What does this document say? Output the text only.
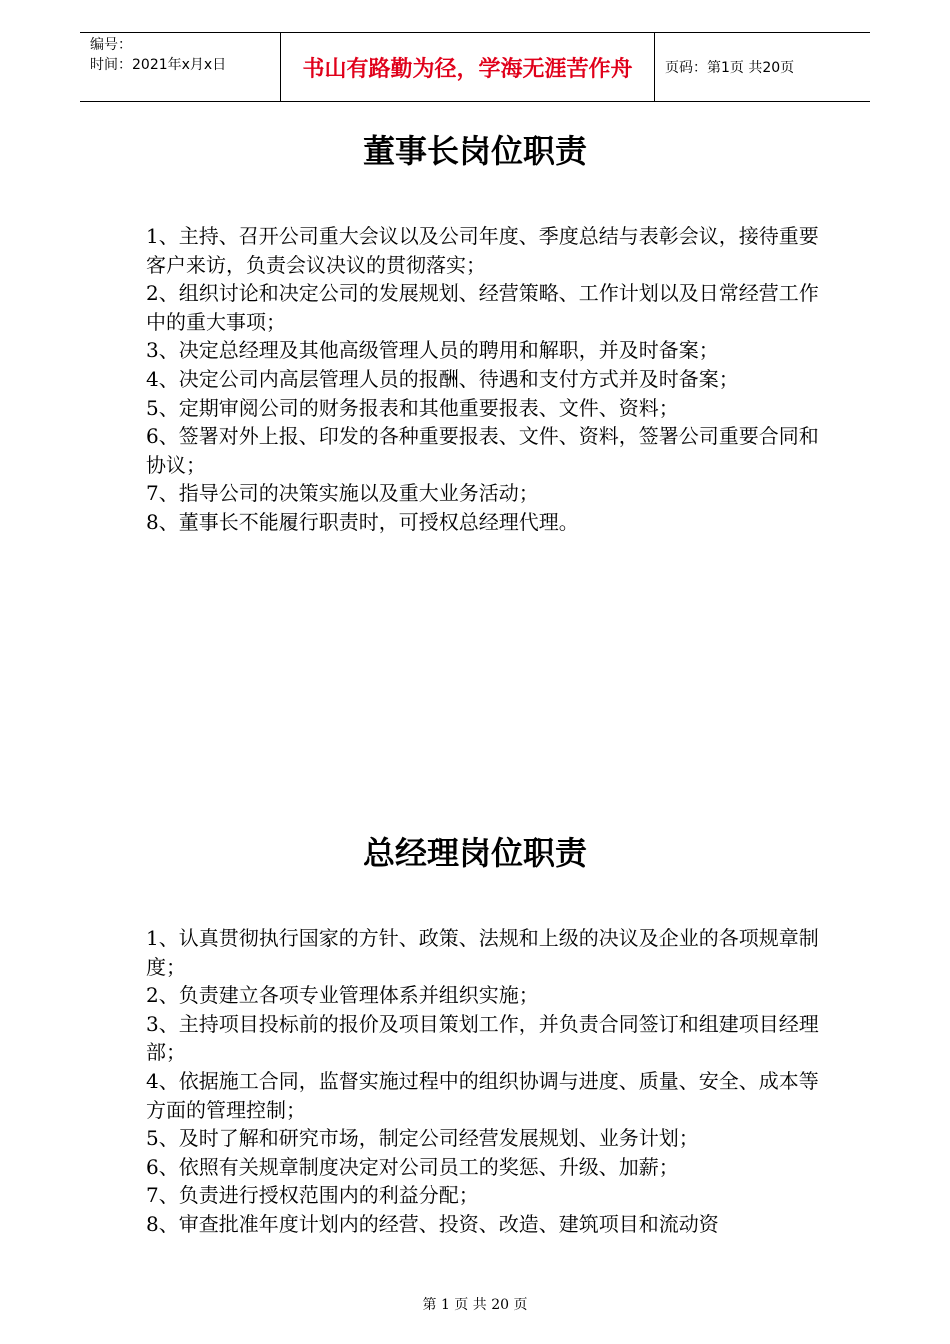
编号：
时间：2021年x月x日	书山有路勤为径，学海无涯苦作舟	页码：第1页 共20页
董事长岗位职责

1、主持、召开公司重大会议以及公司年度、季度总结与表彰会议，接待重要客户来访，负责会议决议的贯彻落实；

2、组织讨论和决定公司的发展规划、经营策略、工作计划以及日常经营工作中的重大事项；

3、决定总经理及其他高级管理人员的聘用和解职，并及时备案；

4、决定公司内高层管理人员的报酬、待遇和支付方式并及时备案；

5、定期审阅公司的财务报表和其他重要报表、文件、资料；

6、签署对外上报、印发的各种重要报表、文件、资料，签署公司重要合同和协议；

7、指导公司的决策实施以及重大业务活动；

8、董事长不能履行职责时，可授权总经理代理。

总经理岗位职责

1、认真贯彻执行国家的方针、政策、法规和上级的决议及企业的各项规章制度；

2、负责建立各项专业管理体系并组织实施；

3、主持项目投标前的报价及项目策划工作，并负责合同签订和组建项目经理部；

4、依据施工合同，监督实施过程中的组织协调与进度、质量、安全、成本等方面的管理控制；

5、及时了解和研究市场，制定公司经营发展规划、业务计划；

6、依照有关规章制度决定对公司员工的奖惩、升级、加薪；

7、负责进行授权范围内的利益分配；

8、审查批准年度计划内的经营、投资、改造、建筑项目和流动资

第 1 页 共 20 页
